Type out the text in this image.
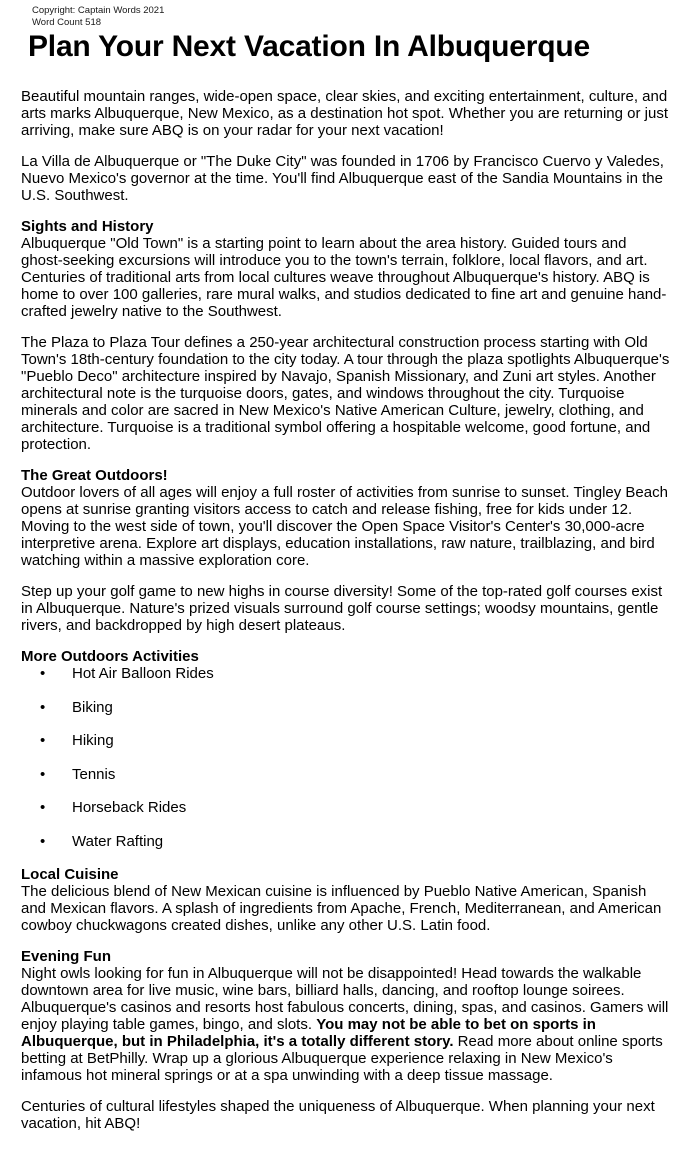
Copyright: Captain Words 2021
Word Count 518
Plan Your Next Vacation In Albuquerque

Beautiful mountain ranges, wide-open space, clear skies, and exciting entertainment, culture, and arts marks Albuquerque, New Mexico, as a destination hot spot. Whether you are returning or just arriving, make sure ABQ is on your radar for your next vacation!

La Villa de Albuquerque or "The Duke City" was founded in 1706 by Francisco Cuervo y Valedes, Nuevo Mexico's governor at the time. You'll find Albuquerque east of the Sandia Mountains in the U.S. Southwest.

Sights and History

Albuquerque "Old Town" is a starting point to learn about the area history. Guided tours and ghost-seeking excursions will introduce you to the town's terrain, folklore, local flavors, and art. Centuries of traditional arts from local cultures weave throughout Albuquerque's history. ABQ is home to over 100 galleries, rare mural walks, and studios dedicated to fine art and genuine hand-crafted jewelry native to the Southwest.

The Plaza to Plaza Tour defines a 250-year architectural construction process starting with Old Town's 18th-century foundation to the city today. A tour through the plaza spotlights Albuquerque's "Pueblo Deco" architecture inspired by Navajo, Spanish Missionary, and Zuni art styles. Another architectural note is the turquoise doors, gates, and windows throughout the city. Turquoise minerals and color are sacred in New Mexico's Native American Culture, jewelry, clothing, and architecture. Turquoise is a traditional symbol offering a hospitable welcome, good fortune, and protection.

The Great Outdoors!

Outdoor lovers of all ages will enjoy a full roster of activities from sunrise to sunset. Tingley Beach opens at sunrise granting visitors access to catch and release fishing, free for kids under 12. Moving to the west side of town, you'll discover the Open Space Visitor's Center's 30,000-acre interpretive arena. Explore art displays, education installations, raw nature, trailblazing, and bird watching within a massive exploration core.

Step up your golf game to new highs in course diversity! Some of the top-rated golf courses exist in Albuquerque. Nature's prized visuals surround golf course settings; woodsy mountains, gentle rivers, and backdropped by high desert plateaus.

More Outdoors Activities
• Hot Air Balloon Rides
• Biking
• Hiking
• Tennis
• Horseback Rides
• Water Rafting
Local Cuisine

The delicious blend of New Mexican cuisine is influenced by Pueblo Native American, Spanish and Mexican flavors. A splash of ingredients from Apache, French, Mediterranean, and American cowboy chuckwagons created dishes, unlike any other U.S. Latin food.

Evening Fun

Night owls looking for fun in Albuquerque will not be disappointed! Head towards the walkable downtown area for live music, wine bars, billiard halls, dancing, and rooftop lounge soirees. Albuquerque's casinos and resorts host fabulous concerts, dining, spas, and casinos. Gamers will enjoy playing table games, bingo, and slots. You may not be able to bet on sports in Albuquerque, but in Philadelphia, it's a totally different story. Read more about online sports betting at BetPhilly. Wrap up a glorious Albuquerque experience relaxing in New Mexico's infamous hot mineral springs or at a spa unwinding with a deep tissue massage.

Centuries of cultural lifestyles shaped the uniqueness of Albuquerque. When planning your next vacation, hit ABQ!
